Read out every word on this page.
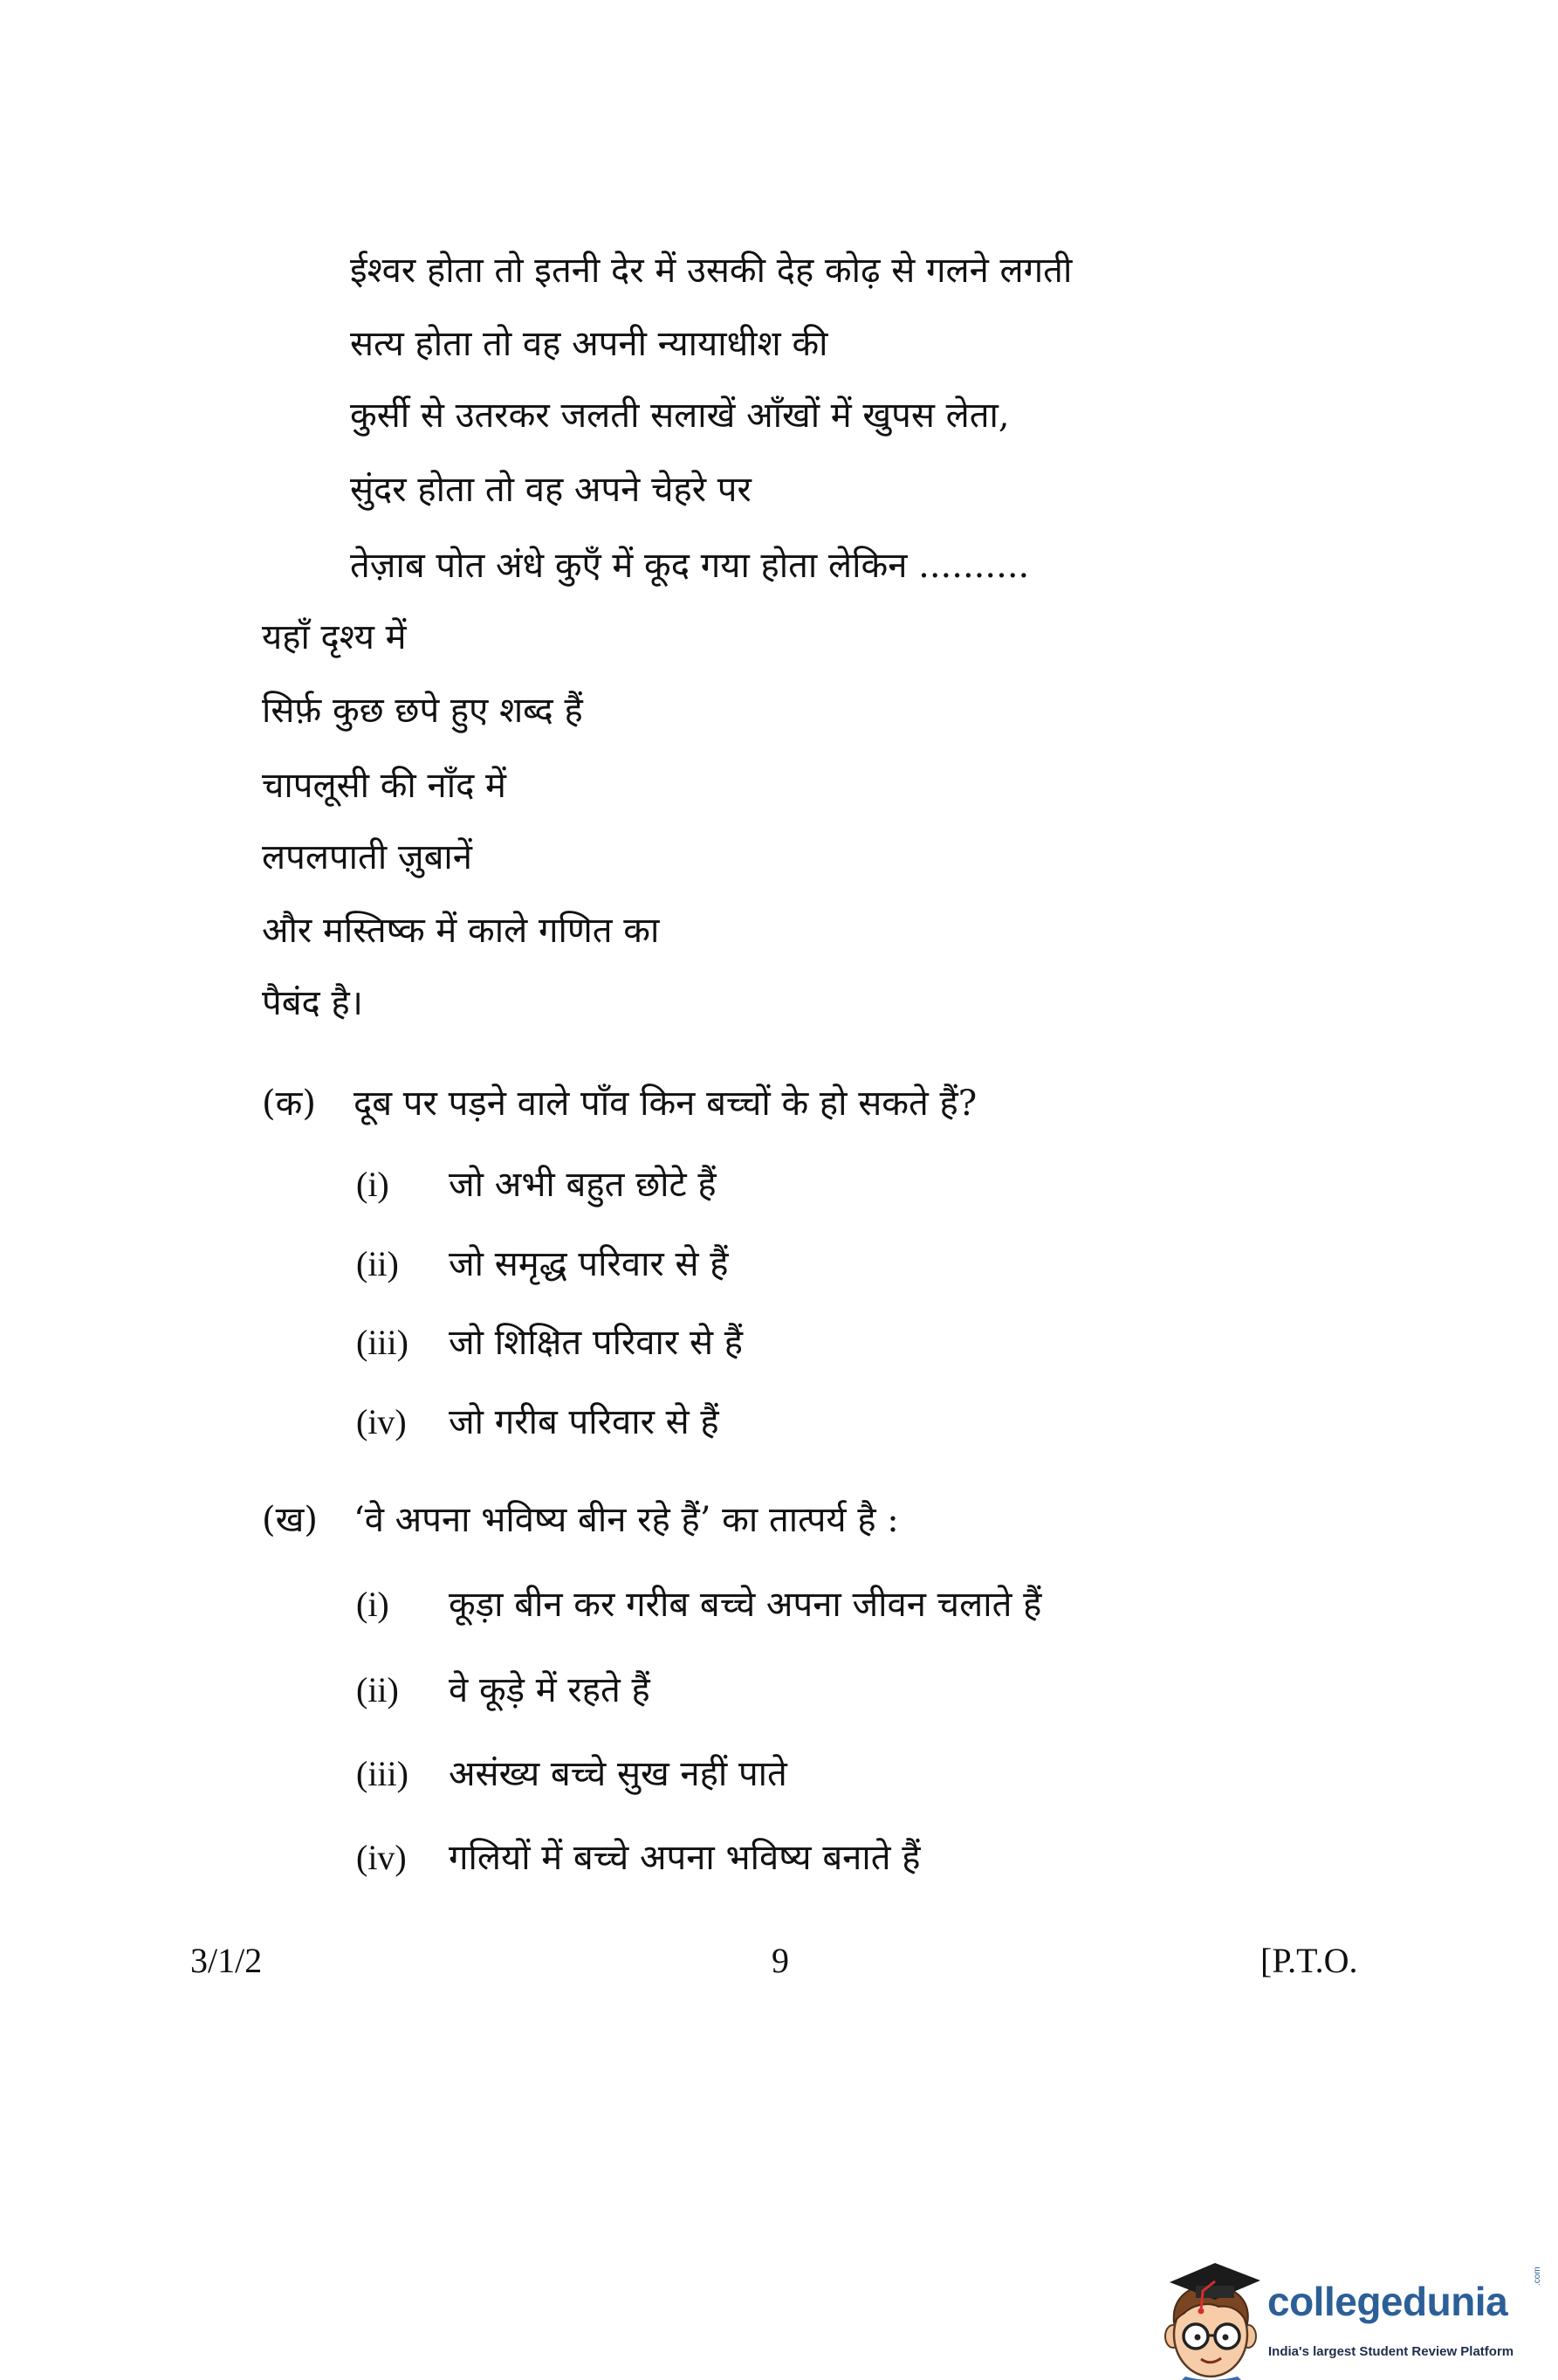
ईश्वर होता तो इतनी देर में उसकी देह कोढ़ से गलने लगती
सत्य होता तो वह अपनी न्यायाधीश की
कुर्सी से उतरकर जलती सलाखें आँखों में खुपस लेता,
सुंदर होता तो वह अपने चेहरे पर
तेज़ाब पोत अंधे कुएँ में कूद गया होता लेकिन ..........
यहाँ दृश्य में
सिर्फ़ कुछ छपे हुए शब्द हैं
चापलूसी की नाँद में
लपलपाती ज़ुबानें
और मस्तिष्क में काले गणित का
पैबंद है।
(क) दूब पर पड़ने वाले पाँव किन बच्चों के हो सकते हैं?
(i) जो अभी बहुत छोटे हैं
(ii) जो समृद्ध परिवार से हैं
(iii) जो शिक्षित परिवार से हैं
(iv) जो गरीब परिवार से हैं
(ख) ‘वे अपना भविष्य बीन रहे हैं’ का तात्पर्य है :
(i) कूड़ा बीन कर गरीब बच्चे अपना जीवन चलाते हैं
(ii) वे कूड़े में रहते हैं
(iii) असंख्य बच्चे सुख नहीं पाते
(iv) गलियों में बच्चे अपना भविष्य बनाते हैं
3/1/2	9	[P.T.O.
collegedunia
.com
India's largest Student Review Platform
